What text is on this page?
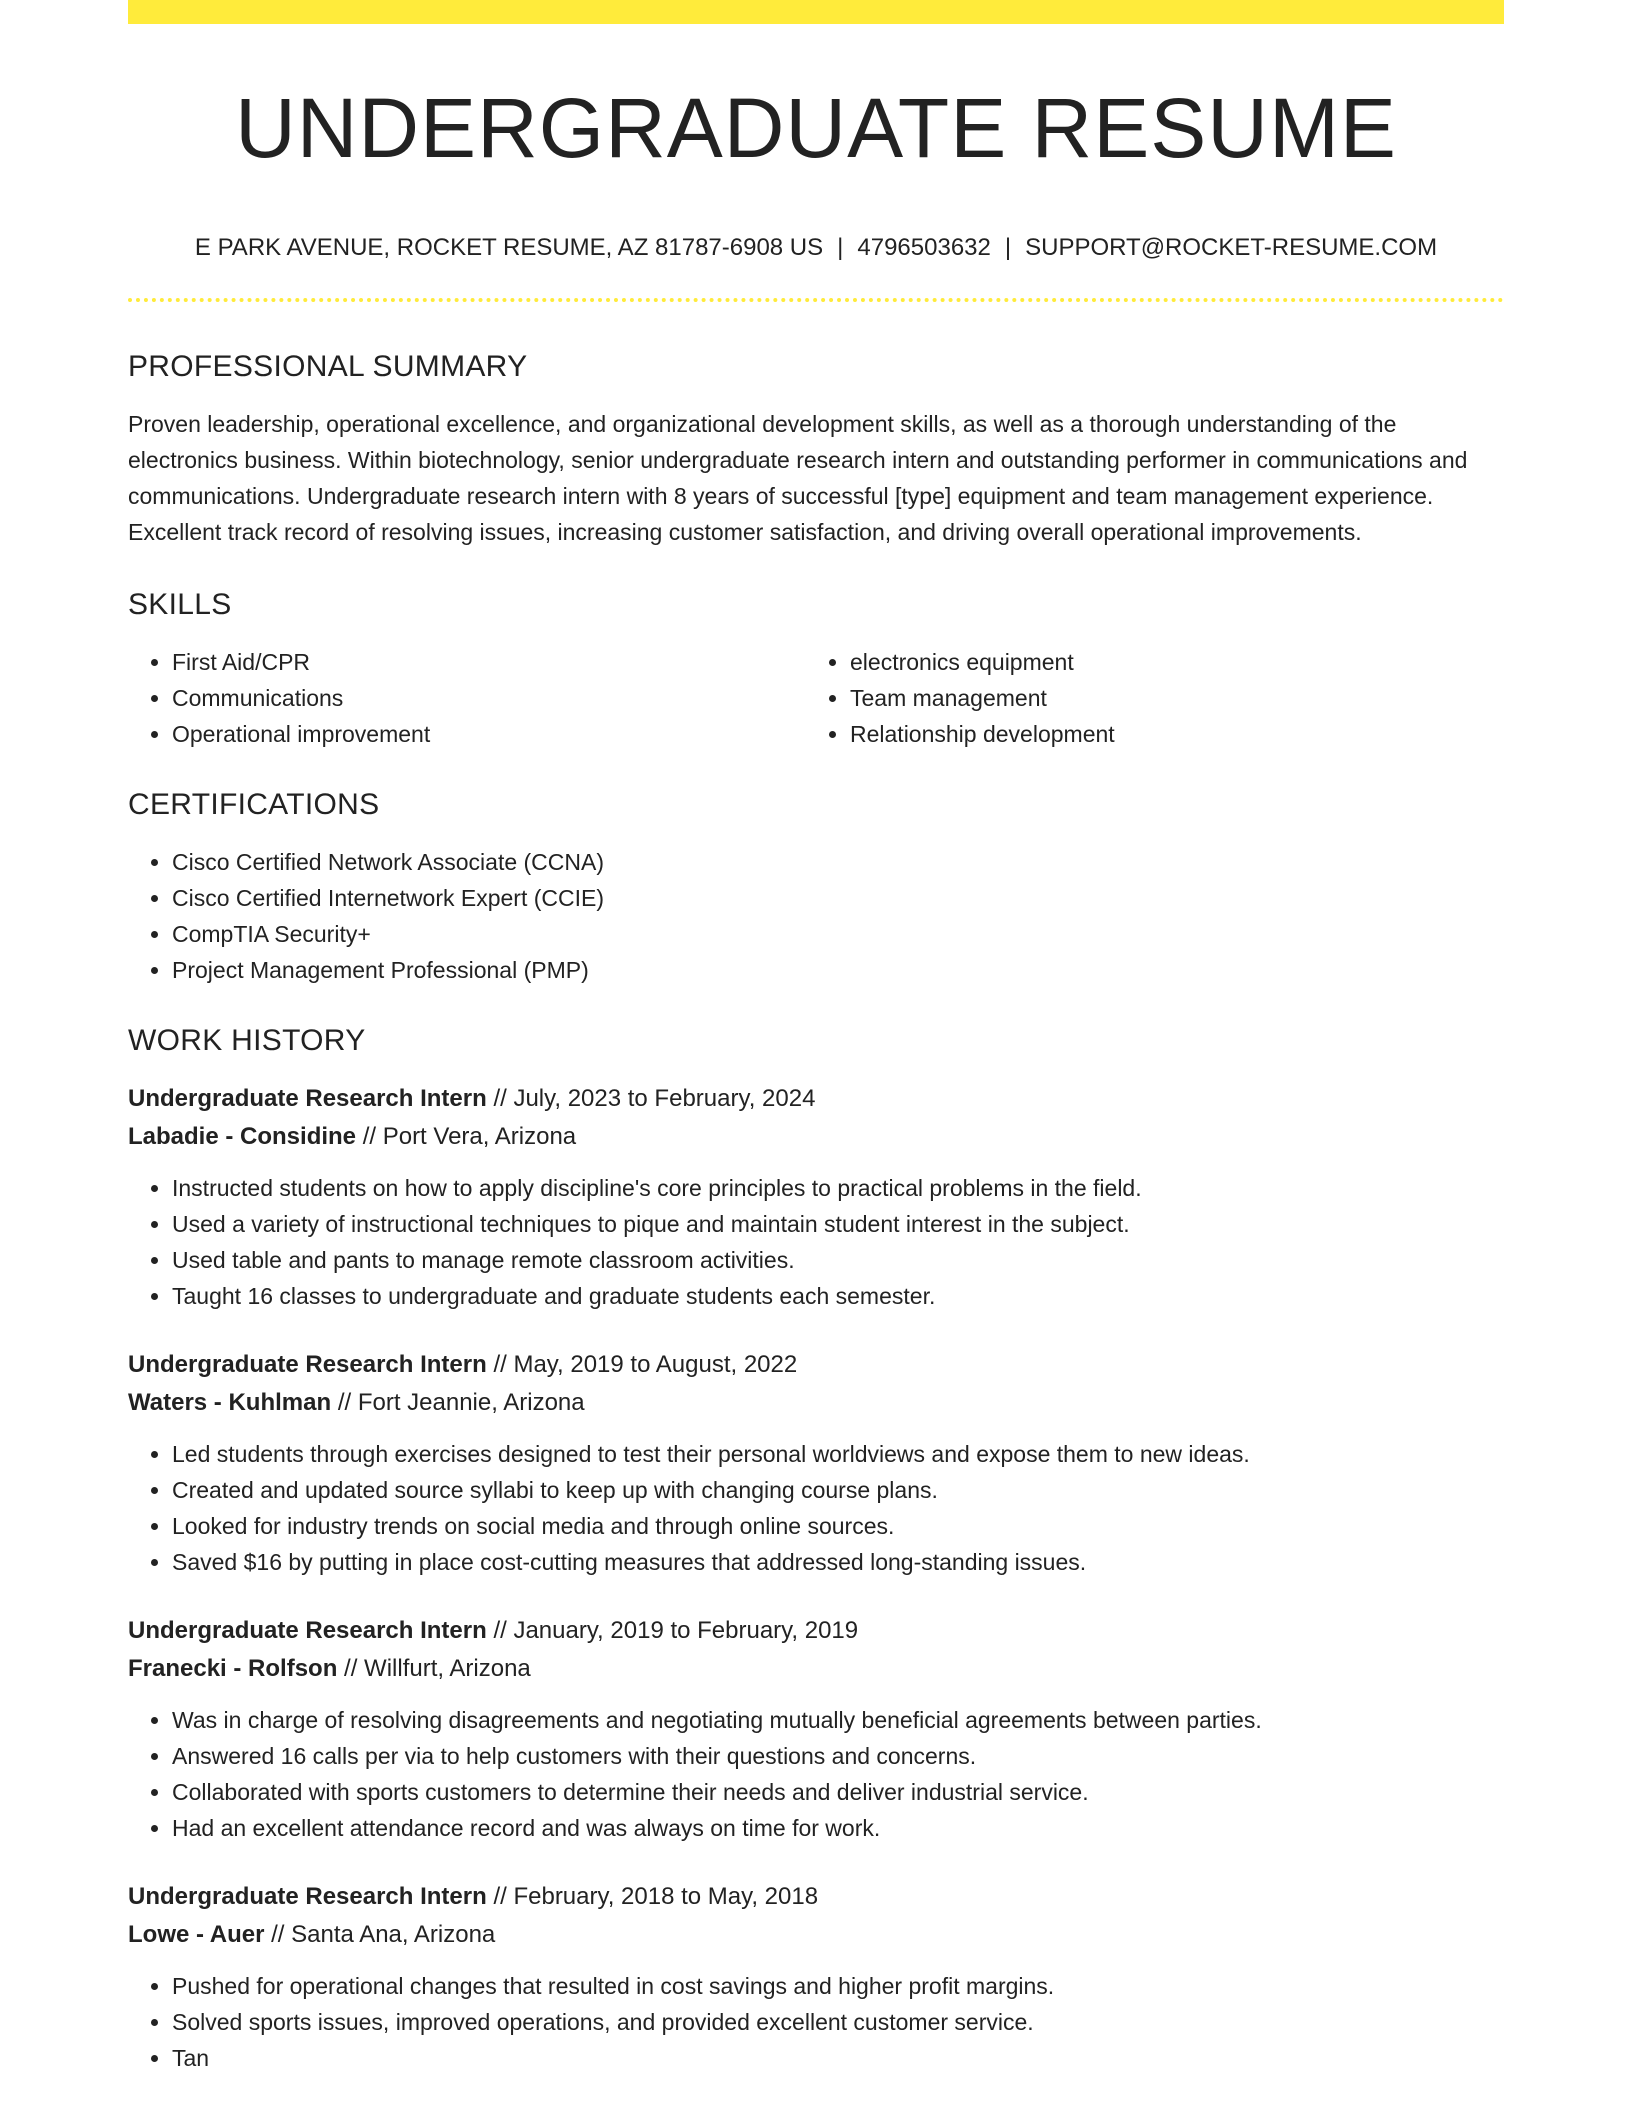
UNDERGRADUATE RESUME
E PARK AVENUE, ROCKET RESUME, AZ 81787-6908 US | 4796503632 | SUPPORT@ROCKET-RESUME.COM
PROFESSIONAL SUMMARY
Proven leadership, operational excellence, and organizational development skills, as well as a thorough understanding of the electronics business. Within biotechnology, senior undergraduate research intern and outstanding performer in communications and communications. Undergraduate research intern with 8 years of successful [type] equipment and team management experience. Excellent track record of resolving issues, increasing customer satisfaction, and driving overall operational improvements.
SKILLS
• First Aid/CPR
• Communications
• Operational improvement
• electronics equipment
• Team management
• Relationship development
CERTIFICATIONS
• Cisco Certified Network Associate (CCNA)
• Cisco Certified Internetwork Expert (CCIE)
• CompTIA Security+
• Project Management Professional (PMP)
WORK HISTORY
Undergraduate Research Intern // July, 2023 to February, 2024
Labadie - Considine // Port Vera, Arizona
• Instructed students on how to apply discipline's core principles to practical problems in the field.
• Used a variety of instructional techniques to pique and maintain student interest in the subject.
• Used table and pants to manage remote classroom activities.
• Taught 16 classes to undergraduate and graduate students each semester.
Undergraduate Research Intern // May, 2019 to August, 2022
Waters - Kuhlman // Fort Jeannie, Arizona
• Led students through exercises designed to test their personal worldviews and expose them to new ideas.
• Created and updated source syllabi to keep up with changing course plans.
• Looked for industry trends on social media and through online sources.
• Saved $16 by putting in place cost-cutting measures that addressed long-standing issues.
Undergraduate Research Intern // January, 2019 to February, 2019
Franecki - Rolfson // Willfurt, Arizona
• Was in charge of resolving disagreements and negotiating mutually beneficial agreements between parties.
• Answered 16 calls per via to help customers with their questions and concerns.
• Collaborated with sports customers to determine their needs and deliver industrial service.
• Had an excellent attendance record and was always on time for work.
Undergraduate Research Intern // February, 2018 to May, 2018
Lowe - Auer // Santa Ana, Arizona
• Pushed for operational changes that resulted in cost savings and higher profit margins.
• Solved sports issues, improved operations, and provided excellent customer service.
• Tan
